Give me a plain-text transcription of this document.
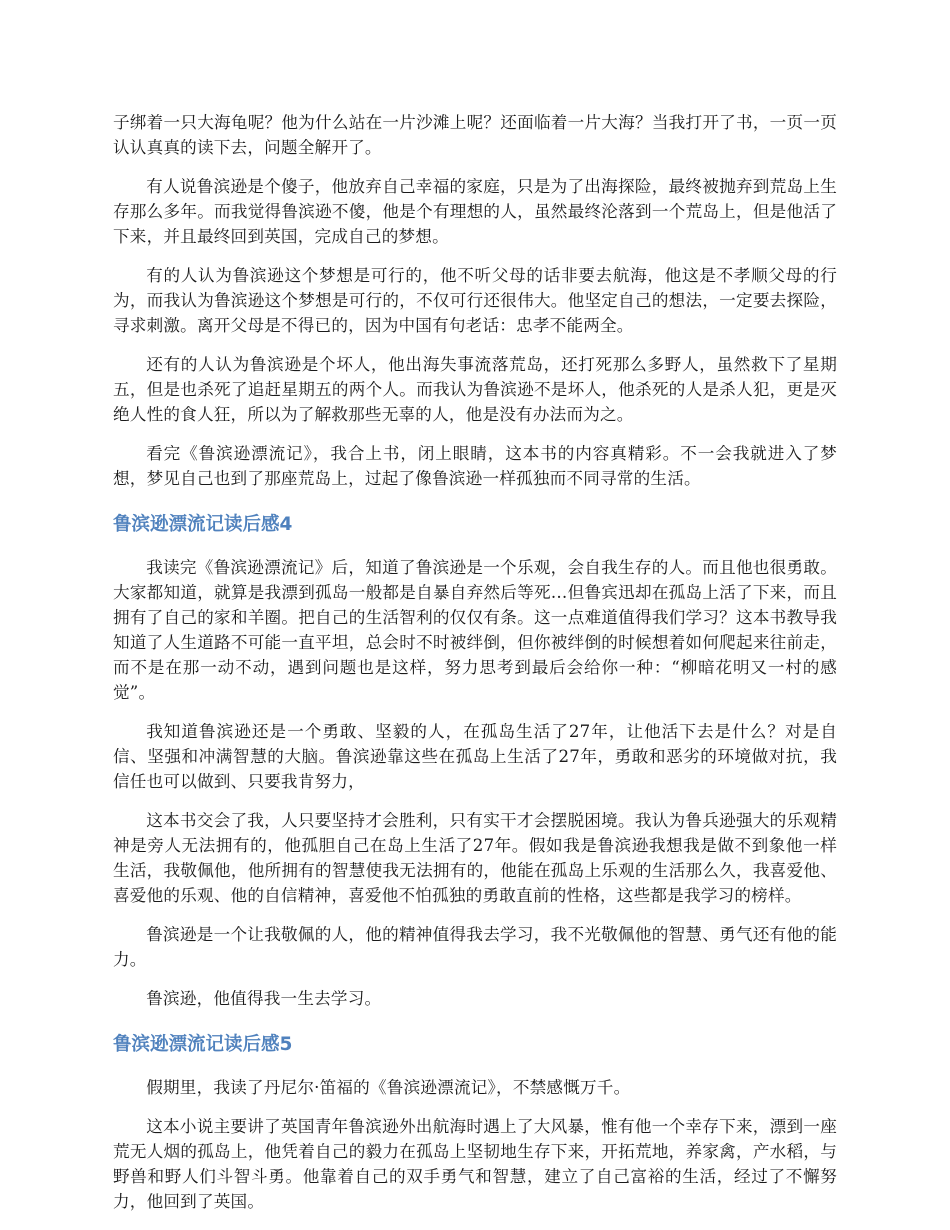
子绑着一只大海龟呢？他为什么站在一片沙滩上呢？还面临着一片大海？当我打开了书，一页一页认认真真的读下去，问题全解开了。

有人说鲁滨逊是个傻子，他放弃自己幸福的家庭，只是为了出海探险，最终被抛弃到荒岛上生存那么多年。而我觉得鲁滨逊不傻，他是个有理想的人，虽然最终沦落到一个荒岛上，但是他活了下来，并且最终回到英国，完成自己的梦想。

有的人认为鲁滨逊这个梦想是可行的，他不听父母的话非要去航海，他这是不孝顺父母的行为，而我认为鲁滨逊这个梦想是可行的，不仅可行还很伟大。他坚定自己的想法，一定要去探险，寻求刺激。离开父母是不得已的，因为中国有句老话：忠孝不能两全。

还有的人认为鲁滨逊是个坏人，他出海失事流落荒岛，还打死那么多野人，虽然救下了星期五，但是也杀死了追赶星期五的两个人。而我认为鲁滨逊不是坏人，他杀死的人是杀人犯，更是灭绝人性的食人狂，所以为了解救那些无辜的人，他是没有办法而为之。

看完《鲁滨逊漂流记》，我合上书，闭上眼睛，这本书的内容真精彩。不一会我就进入了梦想，梦见自己也到了那座荒岛上，过起了像鲁滨逊一样孤独而不同寻常的生活。

鲁滨逊漂流记读后感4

我读完《鲁滨逊漂流记》后，知道了鲁滨逊是一个乐观，会自我生存的人。而且他也很勇敢。大家都知道，就算是我漂到孤岛一般都是自暴自弃然后等死…但鲁宾迅却在孤岛上活了下来，而且拥有了自己的家和羊圈。把自己的生活智利的仅仅有条。这一点难道值得我们学习？这本书教导我知道了人生道路不可能一直平坦，总会时不时被绊倒，但你被绊倒的时候想着如何爬起来往前走，而不是在那一动不动，遇到问题也是这样，努力思考到最后会给你一种：“柳暗花明又一村的感觉”。

我知道鲁滨逊还是一个勇敢、坚毅的人，在孤岛生活了27年，让他活下去是什么？对是自信、坚强和冲满智慧的大脑。鲁滨逊靠这些在孤岛上生活了27年，勇敢和恶劣的环境做对抗，我信任也可以做到、只要我肯努力，

这本书交会了我，人只要坚持才会胜利，只有实干才会摆脱困境。我认为鲁兵逊强大的乐观精神是旁人无法拥有的，他孤胆自己在岛上生活了27年。假如我是鲁滨逊我想我是做不到象他一样生活，我敬佩他，他所拥有的智慧使我无法拥有的，他能在孤岛上乐观的生活那么久，我喜爱他、喜爱他的乐观、他的自信精神，喜爱他不怕孤独的勇敢直前的性格，这些都是我学习的榜样。

鲁滨逊是一个让我敬佩的人，他的精神值得我去学习，我不光敬佩他的智慧、勇气还有他的能力。

鲁滨逊，他值得我一生去学习。

鲁滨逊漂流记读后感5

假期里，我读了丹尼尔·笛福的《鲁滨逊漂流记》，不禁感慨万千。

这本小说主要讲了英国青年鲁滨逊外出航海时遇上了大风暴，惟有他一个幸存下来，漂到一座荒无人烟的孤岛上，他凭着自己的毅力在孤岛上坚韧地生存下来，开拓荒地，养家禽，产水稻，与野兽和野人们斗智斗勇。他靠着自己的双手勇气和智慧，建立了自己富裕的生活，经过了不懈努力，他回到了英国。
